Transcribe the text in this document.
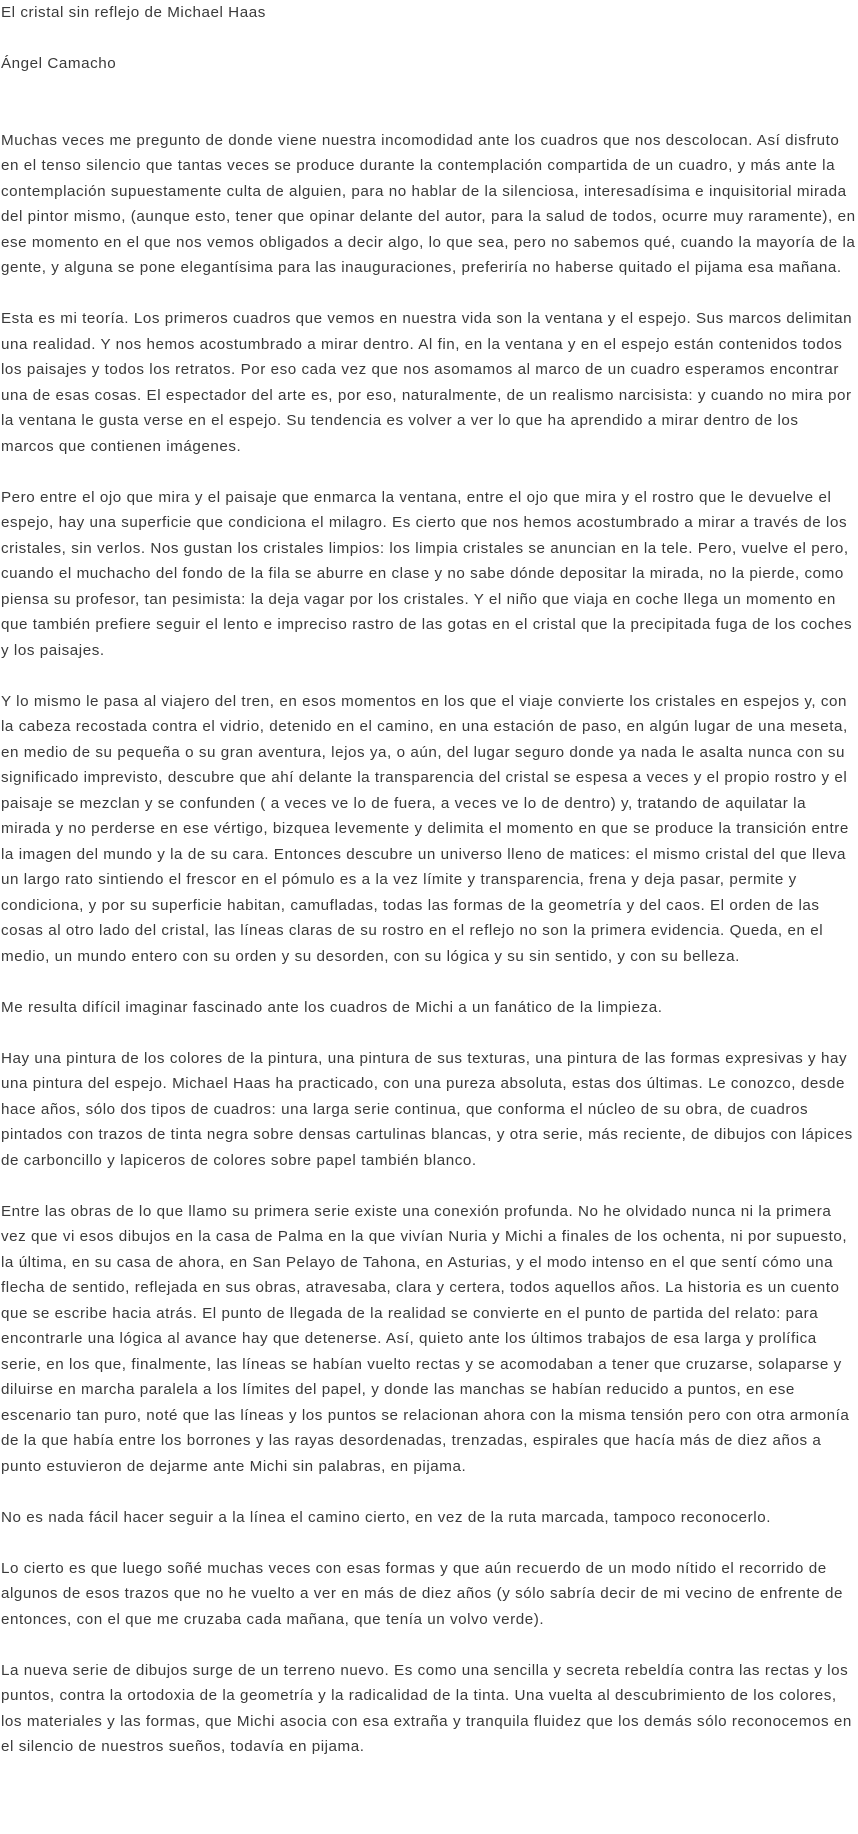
El cristal sin reflejo de Michael Haas

Ángel Camacho

Muchas veces me pregunto de donde viene nuestra incomodidad ante los cuadros que nos descolocan. Así disfruto en el tenso silencio que tantas veces se produce durante la contemplación compartida de un cuadro, y más ante la contemplación supuestamente culta de alguien, para no hablar de la silenciosa, interesadísima e inquisitorial mirada del pintor mismo, (aunque esto, tener que opinar delante del autor, para la salud de todos, ocurre muy raramente), en ese momento en el que nos vemos obligados a decir algo, lo que sea, pero no sabemos qué, cuando la mayoría de la gente, y alguna se pone elegantísima para las inauguraciones, preferiría no haberse quitado el pijama esa mañana.

Esta es mi teoría. Los primeros cuadros que vemos en nuestra vida son la ventana y el espejo. Sus marcos delimitan una realidad. Y nos hemos acostumbrado a mirar dentro. Al fin, en la ventana y en el espejo están contenidos todos los paisajes y todos los retratos. Por eso cada vez que nos asomamos al marco de un cuadro esperamos encontrar una de esas cosas. El espectador del arte es, por eso, naturalmente, de un realismo narcisista: y cuando no mira por la ventana le gusta verse en el espejo. Su tendencia es volver a ver lo que ha aprendido a mirar dentro de los marcos que contienen imágenes.

Pero entre el ojo que mira y el paisaje que enmarca la ventana, entre el ojo que mira y el rostro que le devuelve el espejo, hay una superficie que condiciona el milagro. Es cierto que nos hemos acostumbrado a mirar a través de los cristales, sin verlos. Nos gustan los cristales limpios: los limpia cristales se anuncian en la tele. Pero, vuelve el pero, cuando el muchacho del fondo de la fila se aburre en clase y no sabe dónde depositar la mirada, no la pierde, como piensa su profesor, tan pesimista: la deja vagar por los cristales. Y el niño que viaja en coche llega un momento en que también prefiere seguir el lento e impreciso rastro de las gotas en el cristal que la precipitada fuga de los coches y los paisajes.

Y lo mismo le pasa al viajero del tren, en esos momentos en los que el viaje convierte los cristales en espejos y, con la cabeza recostada contra el vidrio, detenido en el camino, en una estación de paso, en algún lugar de una meseta, en medio de su pequeña o su gran aventura, lejos ya, o aún, del lugar seguro donde ya nada le asalta nunca con su significado imprevisto, descubre que ahí delante la transparencia del cristal se espesa a veces y el propio rostro y el paisaje se mezclan y se confunden ( a veces ve lo de fuera, a veces ve lo de dentro) y, tratando de aquilatar la mirada y no perderse en ese vértigo, bizquea levemente y delimita el momento en que se produce la transición entre la imagen del mundo y la de su cara. Entonces descubre un universo lleno de matices: el mismo cristal del que lleva un largo rato sintiendo el frescor en el pómulo es a la vez límite y transparencia, frena y deja pasar, permite y condiciona, y por su superficie habitan, camufladas, todas las formas de la geometría y del caos. El orden de las cosas al otro lado del cristal, las líneas claras de su rostro en el reflejo no son la primera evidencia. Queda, en el medio, un mundo entero con su orden y su desorden, con su lógica y su sin sentido, y con su belleza.

Me resulta difícil imaginar fascinado ante los cuadros de Michi a un fanático de la limpieza.

Hay una pintura de los colores de la pintura, una pintura de sus texturas, una pintura de las formas expresivas y hay una pintura del espejo. Michael Haas ha practicado, con una pureza absoluta, estas dos últimas. Le conozco, desde hace años, sólo dos tipos de cuadros: una larga serie continua, que conforma el núcleo de su obra, de cuadros pintados con trazos de tinta negra sobre densas cartulinas blancas, y otra serie, más reciente, de dibujos con lápices de carboncillo y lapiceros de colores sobre papel también blanco.

Entre las obras de lo que llamo su primera serie existe una conexión profunda. No he olvidado nunca ni la primera vez que vi esos dibujos en la casa de Palma en la que vivían Nuria y Michi a finales de los ochenta, ni por supuesto, la última, en su casa de ahora, en San Pelayo de Tahona, en Asturias, y el modo intenso en el que sentí cómo una flecha de sentido, reflejada en sus obras, atravesaba, clara y certera, todos aquellos años. La historia es un cuento que se escribe hacia atrás. El punto de llegada de la realidad se convierte en el punto de partida del relato: para encontrarle una lógica al avance hay que detenerse. Así, quieto ante los últimos trabajos de esa larga y prolífica serie, en los que, finalmente, las líneas se habían vuelto rectas y se acomodaban a tener que cruzarse, solaparse y diluirse en marcha paralela a los límites del papel, y donde las manchas se habían reducido a puntos, en ese escenario tan puro, noté que las líneas y los puntos se relacionan ahora con la misma tensión pero con otra armonía de la que había entre los borrones y las rayas desordenadas, trenzadas, espirales que hacía más de diez años a punto estuvieron de dejarme ante Michi sin palabras, en pijama.

No es nada fácil hacer seguir a la línea el camino cierto, en vez de la ruta marcada, tampoco reconocerlo.

Lo cierto es que luego soñé muchas veces con esas formas y que aún recuerdo de un modo nítido el recorrido de algunos de esos trazos que no he vuelto a ver en más de diez años (y sólo sabría decir de mi vecino de enfrente de entonces, con el que me cruzaba cada mañana, que tenía un volvo verde).

La nueva serie de dibujos surge de un terreno nuevo. Es como una sencilla y secreta rebeldía contra las rectas y los puntos, contra la ortodoxia de la geometría y la radicalidad de la tinta. Una vuelta al descubrimiento de los colores, los materiales y las formas, que Michi asocia con esa extraña y tranquila fluidez que los demás sólo reconocemos en el silencio de nuestros sueños, todavía en pijama.
